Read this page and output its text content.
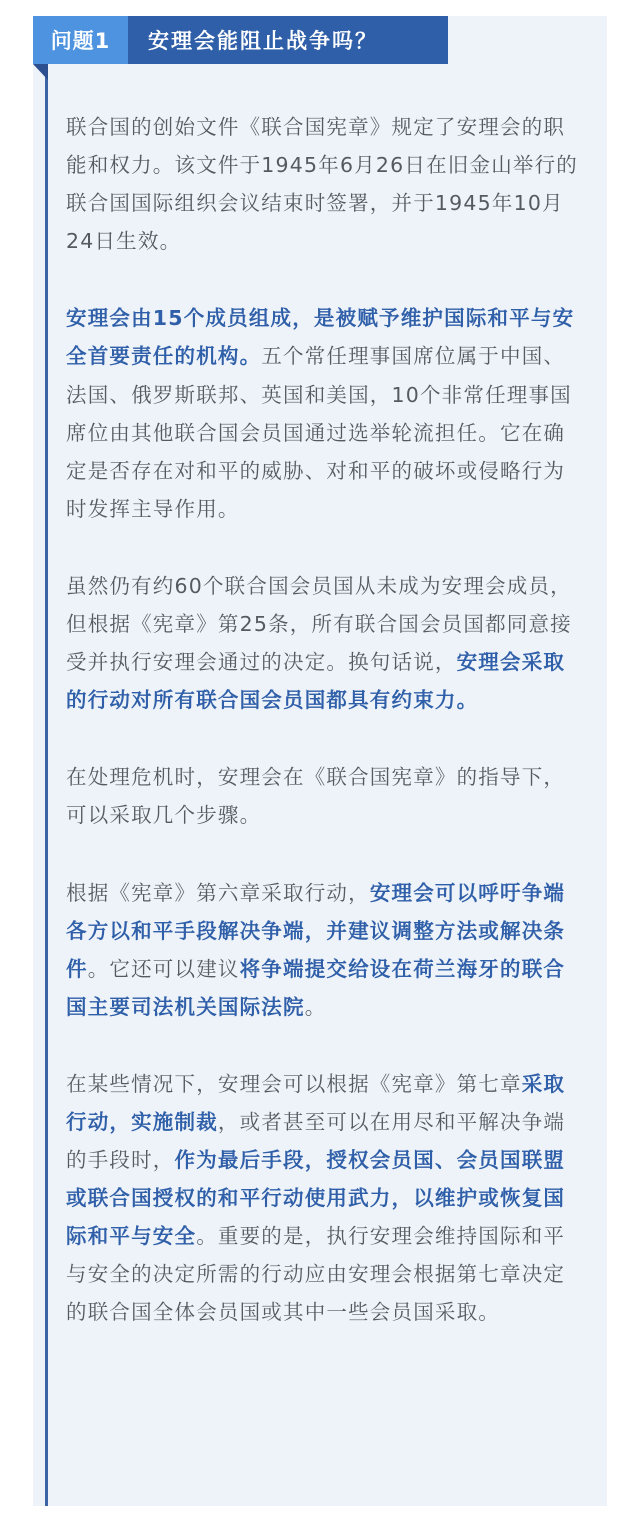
问题1	安理会能阻止战争吗？

联合国的创始文件《联合国宪章》规定了安理会的职能和权力。该文件于1945年6月26日在旧金山举行的联合国国际组织会议结束时签署，并于1945年10月24日生效。

安理会由15个成员组成，是被赋予维护国际和平与安全首要责任的机构。五个常任理事国席位属于中国、法国、俄罗斯联邦、英国和美国，10个非常任理事国席位由其他联合国会员国通过选举轮流担任。它在确定是否存在对和平的威胁、对和平的破坏或侵略行为时发挥主导作用。

虽然仍有约60个联合国会员国从未成为安理会成员，但根据《宪章》第25条，所有联合国会员国都同意接受并执行安理会通过的决定。换句话说，安理会采取的行动对所有联合国会员国都具有约束力。

在处理危机时，安理会在《联合国宪章》的指导下，可以采取几个步骤。

根据《宪章》第六章采取行动，安理会可以呼吁争端各方以和平手段解决争端，并建议调整方法或解决条件。它还可以建议将争端提交给设在荷兰海牙的联合国主要司法机关国际法院。

在某些情况下，安理会可以根据《宪章》第七章采取行动，实施制裁，或者甚至可以在用尽和平解决争端的手段时，作为最后手段，授权会员国、会员国联盟或联合国授权的和平行动使用武力，以维护或恢复国际和平与安全。重要的是，执行安理会维持国际和平与安全的决定所需的行动应由安理会根据第七章决定的联合国全体会员国或其中一些会员国采取。
